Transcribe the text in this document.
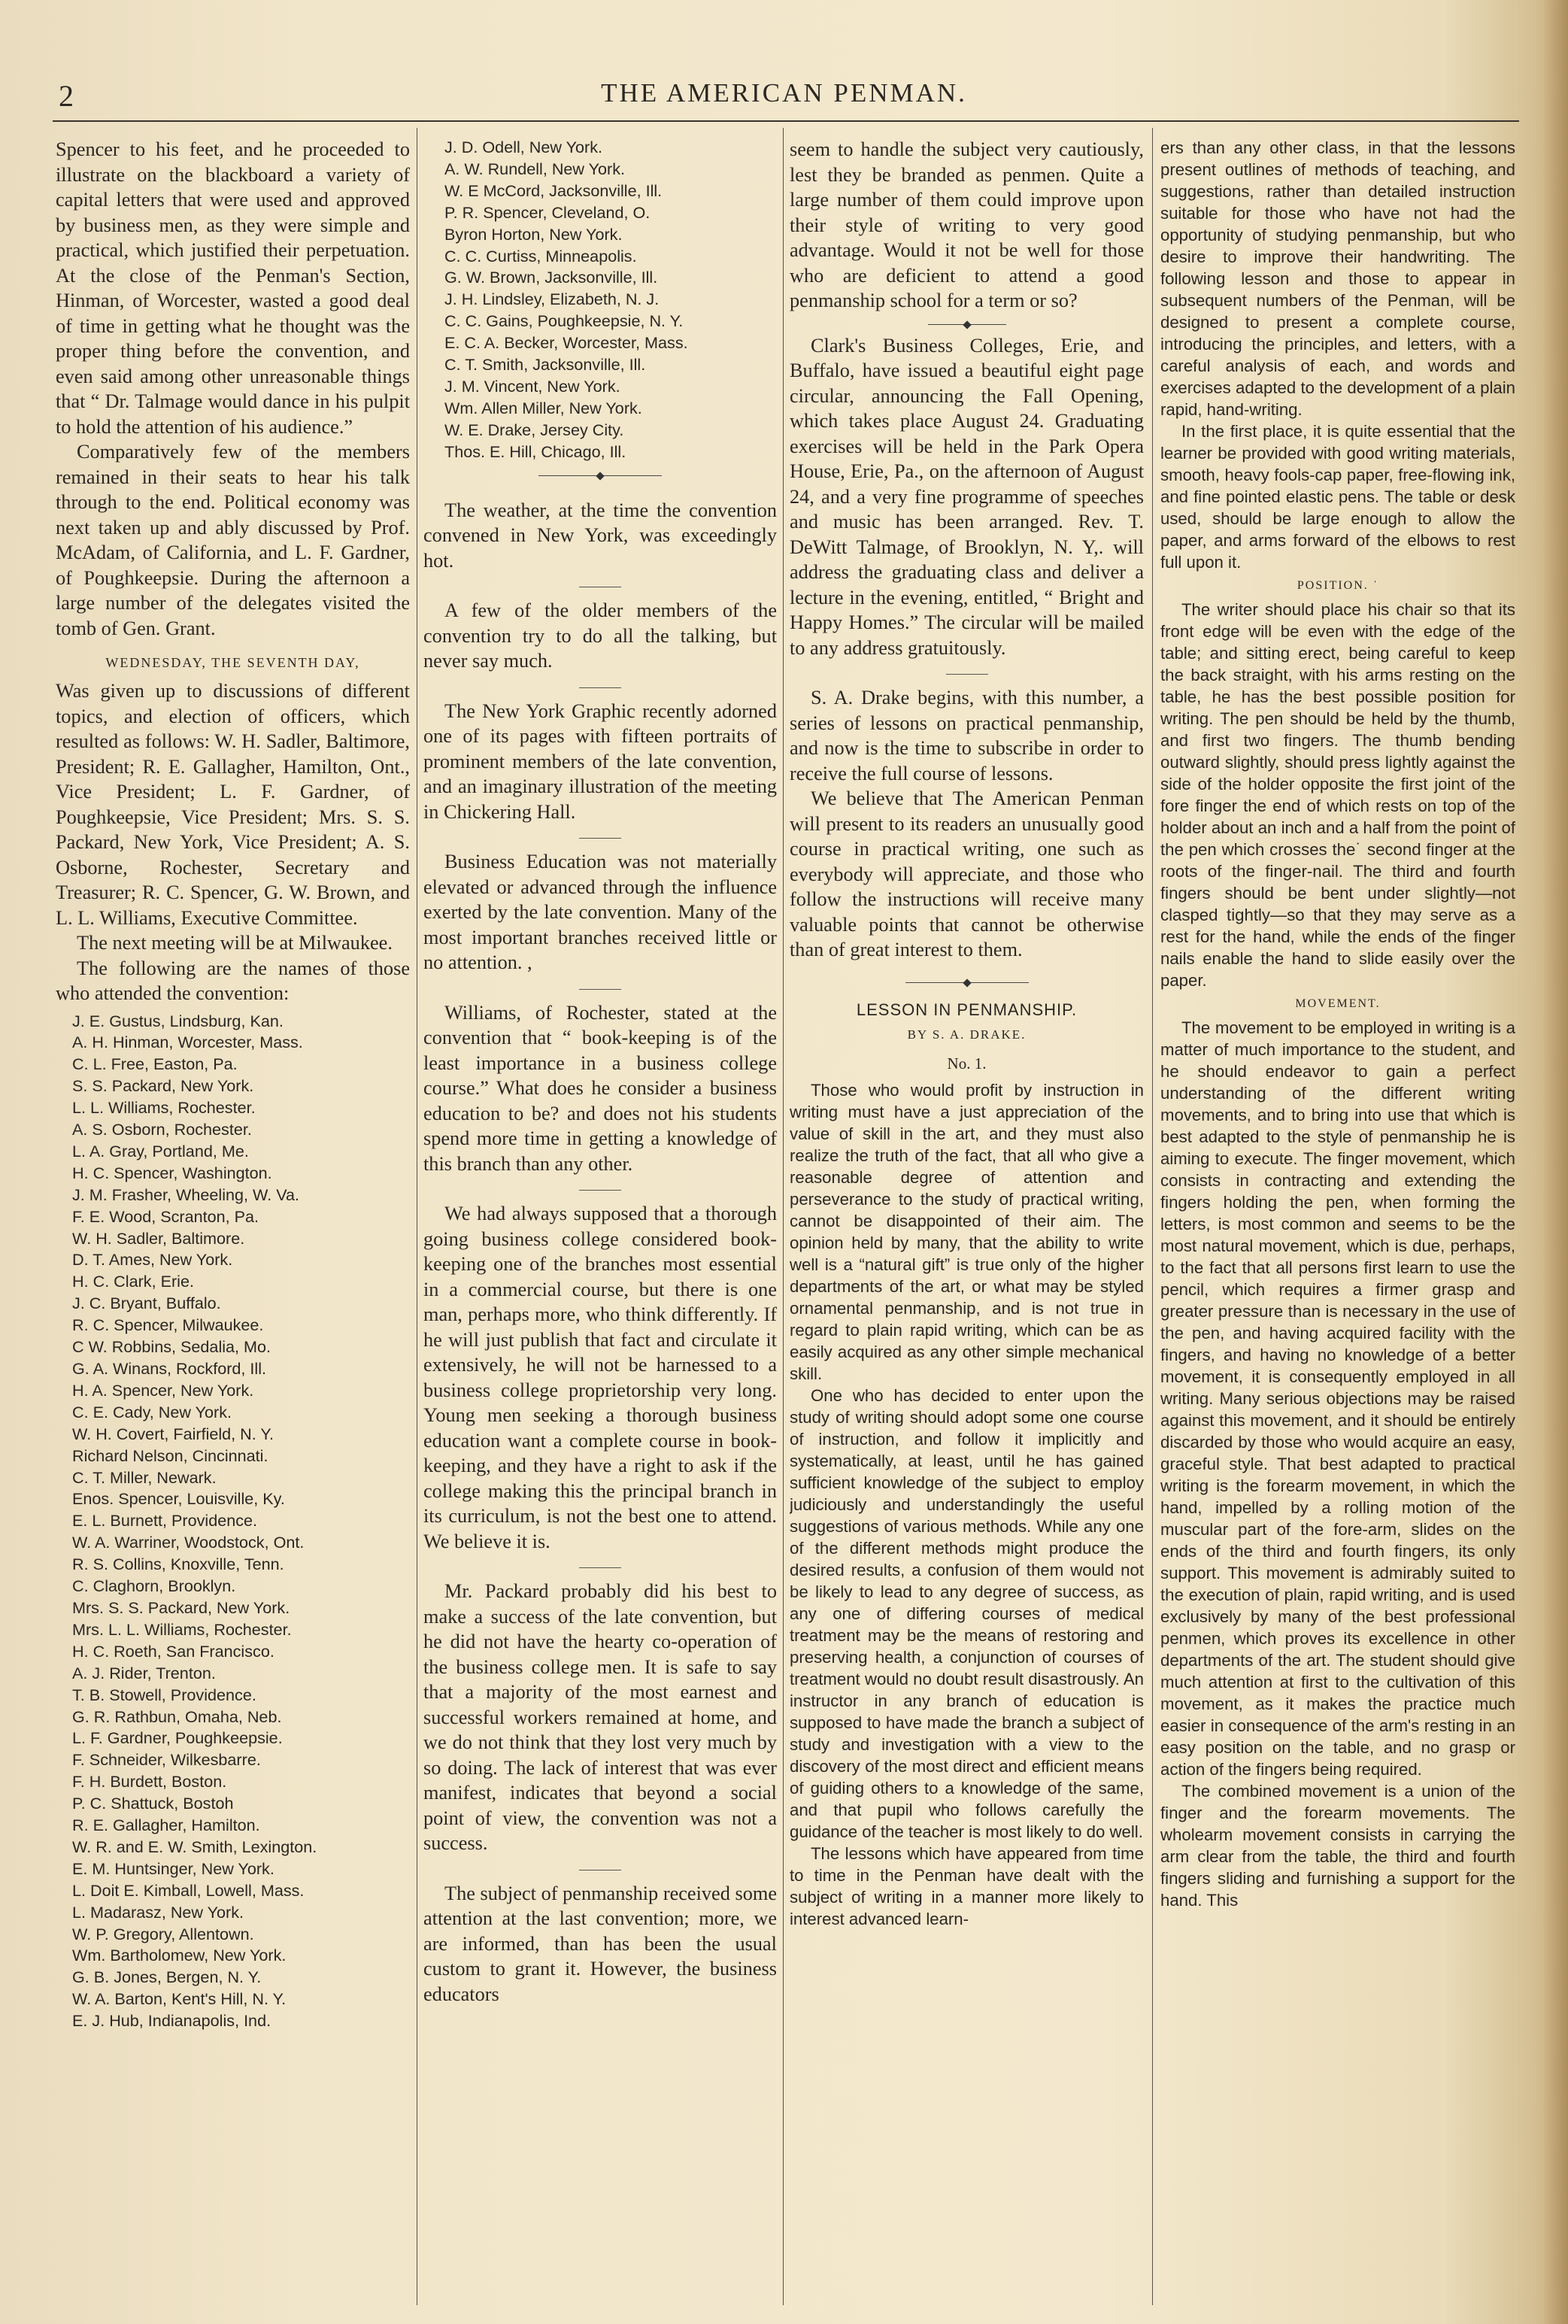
2	THE AMERICAN PENMAN.

Spencer to his feet, and he proceeded to illustrate on the blackboard a variety of capital letters that were used and approved by business men, as they were simple and practical, which justified their perpetuation. At the close of the Penman's Section, Hinman, of Worcester, wasted a good deal of time in getting what he thought was the proper thing before the convention, and even said among other unreasonable things that “ Dr. Talmage would dance in his pulpit to hold the attention of his audience.”

Comparatively few of the members remained in their seats to hear his talk through to the end. Political economy was next taken up and ably discussed by Prof. McAdam, of California, and L. F. Gardner, of Poughkeepsie. During the afternoon a large number of the delegates visited the tomb of Gen. Grant.

WEDNESDAY, THE SEVENTH DAY,

Was given up to discussions of different topics, and election of officers, which resulted as follows: W. H. Sadler, Baltimore, President; R. E. Gallagher, Hamilton, Ont., Vice President; L. F. Gardner, of Poughkeepsie, Vice President; Mrs. S. S. Packard, New York, Vice President; A. S. Osborne, Rochester, Secretary and Treasurer; R. C. Spencer, G. W. Brown, and L. L. Williams, Executive Committee.

The next meeting will be at Milwaukee.

The following are the names of those who attended the convention:

J. E. Gustus, Lindsburg, Kan.
A. H. Hinman, Worcester, Mass.
C. L. Free, Easton, Pa.
S. S. Packard, New York.
L. L. Williams, Rochester.
A. S. Osborn, Rochester.
L. A. Gray, Portland, Me.
H. C. Spencer, Washington.
J. M. Frasher, Wheeling, W. Va.
F. E. Wood, Scranton, Pa.
W. H. Sadler, Baltimore.
D. T. Ames, New York.
H. C. Clark, Erie.
J. C. Bryant, Buffalo.
R. C. Spencer, Milwaukee.
C W. Robbins, Sedalia, Mo.
G. A. Winans, Rockford, Ill.
H. A. Spencer, New York.
C. E. Cady, New York.
W. H. Covert, Fairfield, N. Y.
Richard Nelson, Cincinnati.
C. T. Miller, Newark.
Enos. Spencer, Louisville, Ky.
E. L. Burnett, Providence.
W. A. Warriner, Woodstock, Ont.
R. S. Collins, Knoxville, Tenn.
C. Claghorn, Brooklyn.
Mrs. S. S. Packard, New York.
Mrs. L. L. Williams, Rochester.
H. C. Roeth, San Francisco.
A. J. Rider, Trenton.
T. B. Stowell, Providence.
G. R. Rathbun, Omaha, Neb.
L. F. Gardner, Poughkeepsie.
F. Schneider, Wilkesbarre.
F. H. Burdett, Boston.
P. C. Shattuck, Bostoh
R. E. Gallagher, Hamilton.
W. R. and E. W. Smith, Lexington.
E. M. Huntsinger, New York.
L. Doit E. Kimball, Lowell, Mass.
L. Madarasz, New York.
W. P. Gregory, Allentown.
Wm. Bartholomew, New York.
G. B. Jones, Bergen, N. Y.
W. A. Barton, Kent's Hill, N. Y.
E. J. Hub, Indianapolis, Ind.
J. D. Odell, New York.
A. W. Rundell, New York.
W. E McCord, Jacksonville, Ill.
P. R. Spencer, Cleveland, O.
Byron Horton, New York.
C. C. Curtiss, Minneapolis.
G. W. Brown, Jacksonville, Ill.
J. H. Lindsley, Elizabeth, N. J.
C. C. Gains, Poughkeepsie, N. Y.
E. C. A. Becker, Worcester, Mass.
C. T. Smith, Jacksonville, Ill.
J. M. Vincent, New York.
Wm. Allen Miller, New York.
W. E. Drake, Jersey City.
Thos. E. Hill, Chicago, Ill.

The weather, at the time the convention convened in New York, was exceedingly hot.

A few of the older members of the convention try to do all the talking, but never say much.

The New York Graphic recently adorned one of its pages with fifteen portraits of prominent members of the late convention, and an imaginary illustration of the meeting in Chickering Hall.

Business Education was not materially elevated or advanced through the influence exerted by the late convention. Many of the most important branches received little or no attention. ,

Williams, of Rochester, stated at the convention that “ book-keeping is of the least importance in a business college course.” What does he consider a business education to be? and does not his students spend more time in getting a knowledge of this branch than any other.

We had always supposed that a thorough going business college considered book-keeping one of the branches most essential in a commercial course, but there is one man, perhaps more, who think differently. If he will just publish that fact and circulate it extensively, he will not be harnessed to a business college proprietorship very long. Young men seeking a thorough business education want a complete course in book-keeping, and they have a right to ask if the college making this the principal branch in its curriculum, is not the best one to attend. We believe it is.

Mr. Packard probably did his best to make a success of the late convention, but he did not have the hearty co-operation of the business college men. It is safe to say that a majority of the most earnest and successful workers remained at home, and we do not think that they lost very much by so doing. The lack of interest that was ever manifest, indicates that beyond a social point of view, the convention was not a success.

The subject of penmanship received some attention at the last convention; more, we are informed, than has been the usual custom to grant it. However, the business educators

seem to handle the subject very cautiously, lest they be branded as penmen. Quite a large number of them could improve upon their style of writing to very good advantage. Would it not be well for those who are deficient to attend a good penmanship school for a term or so?

Clark's Business Colleges, Erie, and Buffalo, have issued a beautiful eight page circular, announcing the Fall Opening, which takes place August 24. Graduating exercises will be held in the Park Opera House, Erie, Pa., on the afternoon of August 24, and a very fine programme of speeches and music has been arranged. Rev. T. DeWitt Talmage, of Brooklyn, N. Y,. will address the graduating class and deliver a lecture in the evening, entitled, “ Bright and Happy Homes.” The circular will be mailed to any address gratuitously.

S. A. Drake begins, with this number, a series of lessons on practical penmanship, and now is the time to subscribe in order to receive the full course of lessons.

We believe that The American Penman will present to its readers an unusually good course in practical writing, one such as everybody will appreciate, and those who follow the instructions will receive many valuable points that cannot be otherwise than of great interest to them.

LESSON IN PENMANSHIP.
BY S. A. DRAKE.
No. 1.

Those who would profit by instruction in writing must have a just appreciation of the value of skill in the art, and they must also realize the truth of the fact, that all who give a reasonable degree of attention and perseverance to the study of practical writing, cannot be disappointed of their aim. The opinion held by many, that the ability to write well is a “natural gift” is true only of the higher departments of the art, or what may be styled ornamental penmanship, and is not true in regard to plain rapid writing, which can be as easily acquired as any other simple mechanical skill.

One who has decided to enter upon the study of writing should adopt some one course of instruction, and follow it implicitly and systematically, at least, until he has gained sufficient knowledge of the subject to employ judiciously and understandingly the useful suggestions of various methods. While any one of the different methods might produce the desired results, a confusion of them would not be likely to lead to any degree of success, as any one of differing courses of medical treatment may be the means of restoring and preserving health, a conjunction of courses of treatment would no doubt result disastrously. An instructor in any branch of education is supposed to have made the branch a subject of study and investigation with a view to the discovery of the most direct and efficient means of guiding others to a knowledge of the same, and that pupil who follows carefully the guidance of the teacher is most likely to do well.

The lessons which have appeared from time to time in the Penman have dealt with the subject of writing in a manner more likely to interest advanced learn-

ers than any other class, in that the lessons present outlines of methods of teaching, and suggestions, rather than detailed instruction suitable for those who have not had the opportunity of studying penmanship, but who desire to improve their handwriting. The following lesson and those to appear in subsequent numbers of the Penman, will be designed to present a complete course, introducing the principles, and letters, with a careful analysis of each, and words and exercises adapted to the development of a plain rapid, hand-writing.

In the first place, it is quite essential that the learner be provided with good writing materials, smooth, heavy fools-cap paper, free-flowing ink, and fine pointed elastic pens. The table or desk used, should be large enough to allow the paper, and arms forward of the elbows to rest full upon it.

POSITION. ˈ

The writer should place his chair so that its front edge will be even with the edge of the table; and sitting erect, being careful to keep the back straight, with his arms resting on the table, he has the best possible position for writing. The pen should be held by the thumb, and first two fingers. The thumb bending outward slightly, should press lightly against the side of the holder opposite the first joint of the fore finger the end of which rests on top of the holder about an inch and a half from the point of the pen which crosses the˙ second finger at the roots of the finger-nail. The third and fourth fingers should be bent under slightly—not clasped tightly—so that they may serve as a rest for the hand, while the ends of the finger nails enable the hand to slide easily over the paper.

MOVEMENT.

The movement to be employed in writing is a matter of much importance to the student, and he should endeavor to gain a perfect understanding of the different writing movements, and to bring into use that which is best adapted to the style of penmanship he is aiming to execute. The finger movement, which consists in contracting and extending the fingers holding the pen, when forming the letters, is most common and seems to be the most natural movement, which is due, perhaps, to the fact that all persons first learn to use the pencil, which requires a firmer grasp and greater pressure than is necessary in the use of the pen, and having acquired facility with the fingers, and having no knowledge of a better movement, it is consequently employed in all writing. Many serious objections may be raised against this movement, and it should be entirely discarded by those who would acquire an easy, graceful style. That best adapted to practical writing is the forearm movement, in which the hand, impelled by a rolling motion of the muscular part of the fore-arm, slides on the ends of the third and fourth fingers, its only support. This movement is admirably suited to the execution of plain, rapid writing, and is used exclusively by many of the best professional penmen, which proves its excellence in other departments of the art. The student should give much attention at first to the cultivation of this movement, as it makes the practice much easier in consequence of the arm's resting in an easy position on the table, and no grasp or action of the fingers being required.

The combined movement is a union of the finger and the forearm movements. The wholearm movement consists in carrying the arm clear from the table, the third and fourth fingers sliding and furnishing a support for the hand. This
